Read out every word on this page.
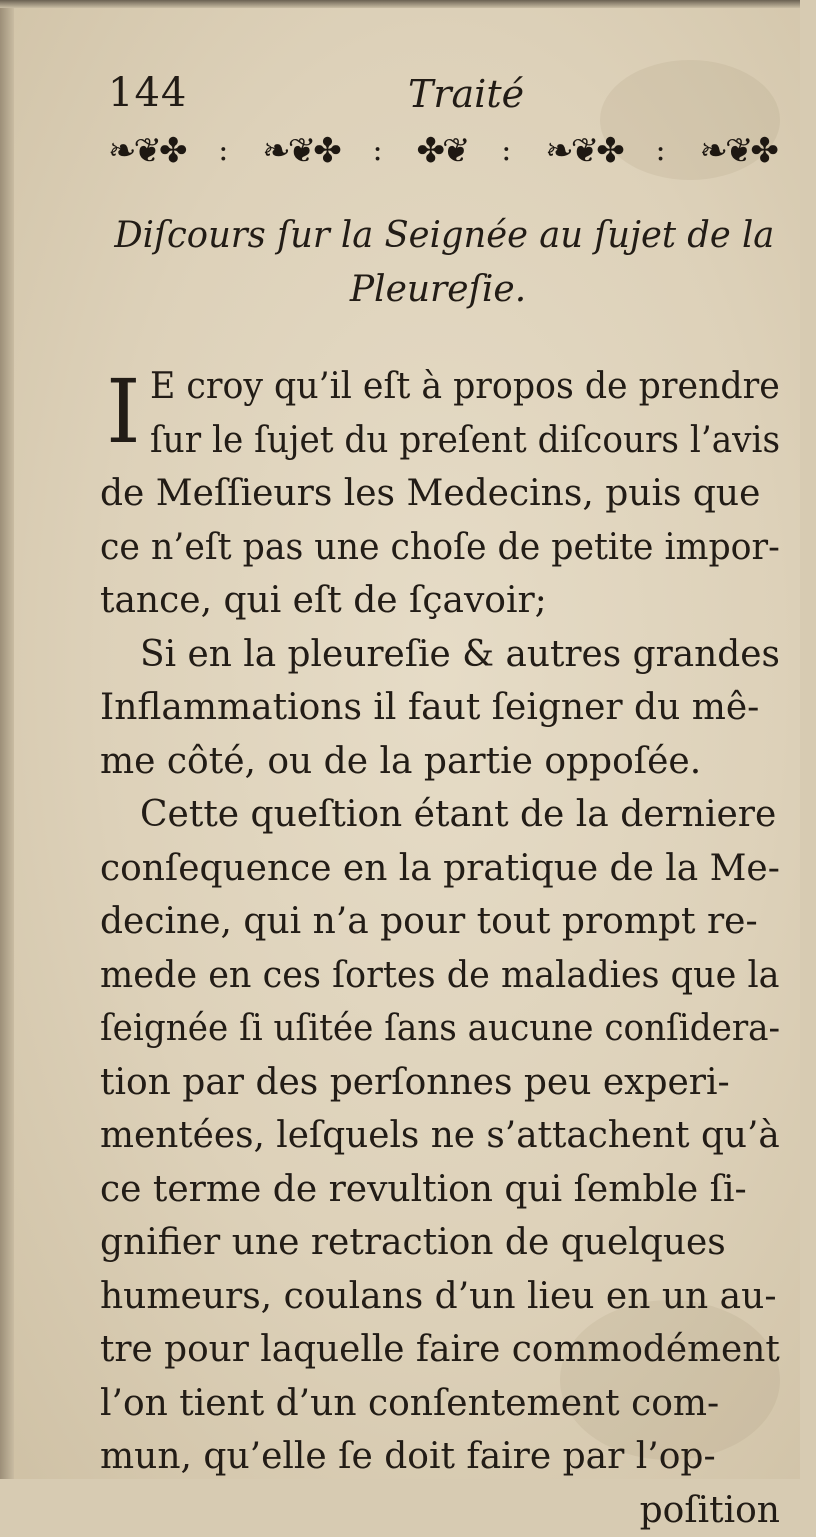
144	Traité
❧❦✤ : ❧❦✤ : ✤❦ : ❧❦✤ : ❧❦✤
Diſcours ſur la Seignée au ſujet de la
Pleureſie.
I E croy qu’il eſt à propos de prendre
ſur le ſujet du preſent diſcours l’avis
de Meſſieurs les Medecins, puis que
ce n’eſt pas une choſe de petite impor-
tance, qui eſt de ſçavoir;
Si en la pleureſie & autres grandes
Inflammations il faut ſeigner du mê-
me côté, ou de la partie oppoſée.
Cette queſtion étant de la derniere
conſequence en la pratique de la Me-
decine, qui n’a pour tout prompt re-
mede en ces ſortes de maladies que la
ſeignée ſi uſitée ſans aucune conſidera-
tion par des perſonnes peu experi-
mentées, leſquels ne s’attachent qu’à
ce terme de revultion qui ſemble ſi-
gnifier une retraction de quelques
humeurs, coulans d’un lieu en un au-
tre pour laquelle faire commodément
l’on tient d’un conſentement com-
mun, qu’elle ſe doit faire par l’op-
poſition
